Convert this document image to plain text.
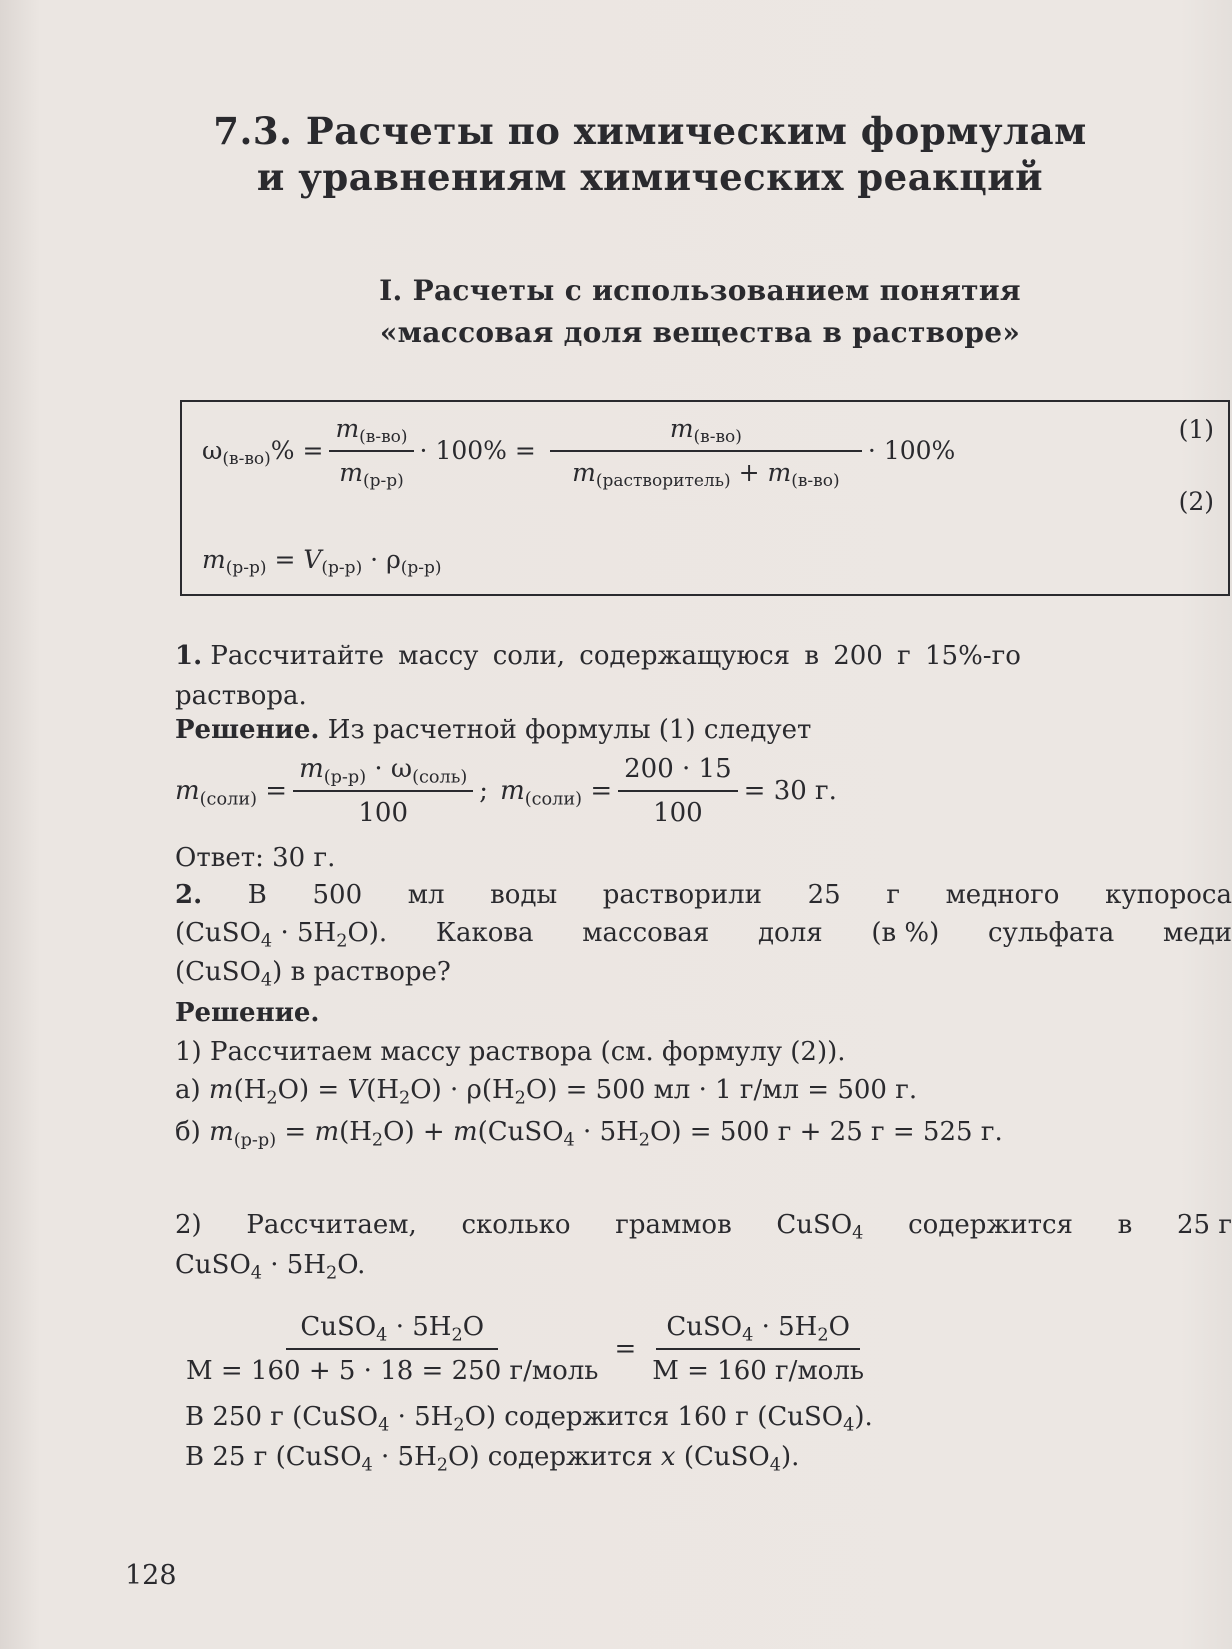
7.3. Расчеты по химическим формулам
и уравнениям химических реакций
I. Расчеты с использованием понятия
«массовая доля вещества в растворе»
$\omega_{(в-во)}\% = \frac{m_{(в-во)}}{m_{(р-р)}} \cdot 100\% = \frac{m_{(в-во)}}{m_{(растворитель)} + m_{(в-во)}} \cdot 100\%$
(1)
(2)
$m_{(р-р)} = V_{(р-р)} \cdot \rho_{(р-р)}$
1. Рассчитайте массу соли, содержащуюся в 200 г 15%-го
раствора.
Решение. Из расчетной формулы (1) следует
$m_{(соли)} = \frac{m_{(р-р)} \cdot \omega_{(соль)}}{100}$ ; $m_{(соли)} = \frac{200 \cdot 15}{100} = 30$ г.
Ответ: 30 г.
2. В 500 мл воды растворили 25 г медного купороса
(CuSO$_4$ · $5H_2O$). Какова массовая доля (в %) сульфата меди
(CuSO$_4$) в растворе?
Решение.
1) Рассчитаем массу раствора (см. формулу (2)).
а) $m(H_2O) = V(H_2O) \cdot \rho(H_2O) = 500$ мл · 1 г/мл = 500 г.
б) $m_{(р-р)} = m(H_2O)$ + m(CuSO$_4$ · $5H_2O) = 500$ г + 25 г = 525 г.
2) Рассчитаем, сколько граммов CuSO$_4$ содержится в 25 г
CuSO$_4$ · $5H_2O$.
$\frac{CuSO_4 \cdot 5H_2O}{\text{M = 160 + 5 · 18 = 250 г/моль}} = \frac{CuSO_4 \cdot 5H_2O}{\text{M = 160 г/моль}}$
В 250 г (CuSO$_4$ · $5H_2O$) содержится 160 г (CuSO$_4$).
В 25 г (CuSO$_4$ · $5H_2O$) содержится x (CuSO$_4$).
128
